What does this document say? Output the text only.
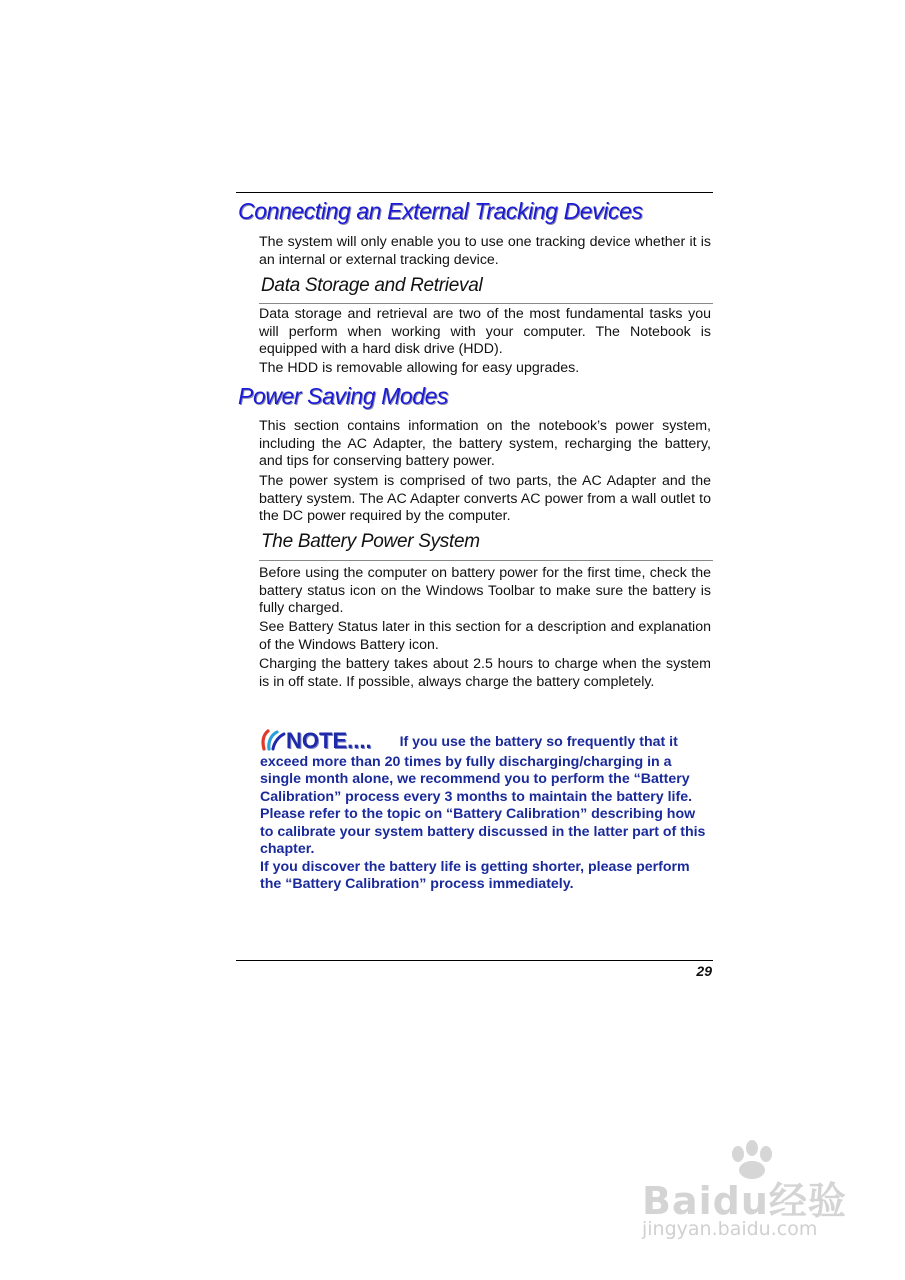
Connecting an External Tracking Devices
The system will only enable you to use one tracking device whether it is an internal or external tracking device.
Data Storage and Retrieval
Data storage and retrieval are two of the most fundamental tasks you will perform when working with your computer. The Notebook is equipped with a hard disk drive (HDD).
The HDD is removable allowing for easy upgrades.
Power Saving Modes
This section contains information on the notebook’s power system, including the AC Adapter, the battery system, recharging the battery, and tips for conserving battery power.
The power system is comprised of two parts, the AC Adapter and the battery system. The AC Adapter converts AC power from a wall outlet to the DC power required by the computer.
The Battery Power System
Before using the computer on battery power for the first time, check the battery status icon on the Windows Toolbar to make sure the battery is fully charged.
See Battery Status later in this section for a description and explanation of the Windows Battery icon.
Charging the battery takes about 2.5 hours to charge when the system is in off state. If possible, always charge the battery completely.

NOTE.... If you use the battery so frequently that it exceed more than 20 times by fully discharging/charging in a single month alone, we recommend you to perform the “Battery Calibration” process every 3 months to maintain the battery life.

Please refer to the topic on “Battery Calibration” describing how to calibrate your system battery discussed in the latter part of this chapter.

If you discover the battery life is getting shorter, please perform the “Battery Calibration” process immediately.

29
Baidu经验
jingyan.baidu.com
